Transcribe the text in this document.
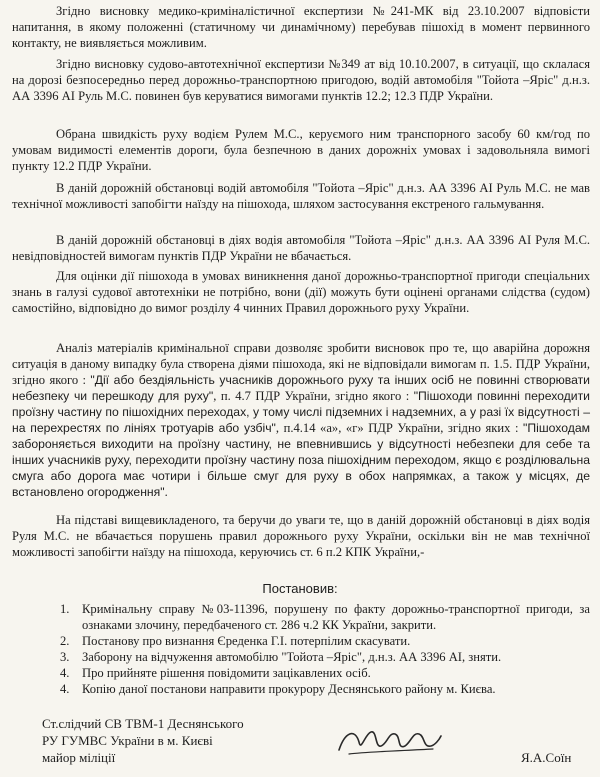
Згідно висновку медико-криміналістичної експертизи №241-МК від 23.10.2007 відповісти напитання, в якому положенні (статичному чи динамічному) перебував пішохід в момент первинного контакту, не виявляється можливим.

Згідно висновку судово-автотехнічної експертизи №349 ат від 10.10.2007, в ситуації, що склалася на дорозі безпосередньо перед дорожньо-транспортною пригодою, водій автомобіля "Тойота –Яріс" д.н.з. АА 3396 АІ Руль М.С. повинен був керуватися вимогами пунктів 12.2; 12.3 ПДР України.

Обрана швидкість руху водієм Рулем М.С., керуємого ним транспорного засобу 60 км/год по умовам видимості елементів дороги, була безпечною в даних дорожніх умовах і задовольняла вимогі пункту 12.2 ПДР України.

В даній дорожній обстановці водій автомобіля "Тойота –Яріс" д.н.з. АА 3396 АІ Руль М.С. не мав технічної можливості запобігти наїзду на пішохода, шляхом застосування екстреного гальмування.

В даній дорожній обстановці в діях водія автомобіля "Тойота –Яріс" д.н.з. АА 3396 АІ Руля М.С. невідповідностей вимогам пунктів ПДР України не вбачається.

Для оцінки дії пішохода в умовах виникнення даної дорожньо-транспортної пригоди спеціальних знань в галузі судової автотехніки не потрібно, вони (дії) можуть бути оцінені органами слідства (судом) самостійно, відповідно до вимог розділу 4 чинних Правил дорожнього руху України.

Аналіз матеріалів кримінальної справи дозволяє зробити висновок про те, що аварійна дорожня ситуація в даному випадку була створена діями пішохода, які не відповідали вимогам п. 1.5. ПДР України, згідно якого : "Дії або бездіяльність учасників дорожнього руху та інших осіб не повинні створювати небезпеку чи перешкоду для руху", п. 4.7 ПДР України, згідно якого : "Пішоходи повинні переходити проїзну частину по пішохідних переходах, у тому числі підземних і надземних, а у разі їх відсутності – на перехрестях по лініях тротуарів або узбіч", п.4.14 «а», «г» ПДР України, згідно яких : "Пішоходам забороняється виходити на проїзну частину, не впевнившись у відсутності небезпеки для себе та інших учасників руху, переходити проїзну частину поза пішохідним переходом, якщо є розділювальна смуга або дорога має чотири і більше смуг для руху в обох напрямках, а також у місцях, де встановлено огородження".

На підставі вищевикладеного, та беручи до уваги те, що в даній дорожній обстановці в діях водія Руля М.С. не вбачається порушень правил дорожнього руху України, оскільки він не мав технічної можливості запобігти наїзду на пішохода, керуючись ст. 6 п.2 КПК України,-

Постановив:
1. Кримінальну справу №03-11396, порушену по факту дорожньо-транспортної пригоди, за ознаками злочину, передбаченого ст. 286 ч.2 КК України, закрити.
2. Постанову про визнання Єреденка Г.І. потерпілим скасувати.
3. Заборону на відчуження автомобілю "Тойота –Яріс", д.н.з. АА 3396 АІ, зняти.
4. Про прийняте рішення повідомити зацікавлених осіб.
4. Копію даної постанови направити прокурору Деснянського району м. Києва.
Ст.слідчий СВ ТВМ-1 Деснянського
РУ ГУМВС України в м. Києві
майор міліції	Я.А.Соїн
